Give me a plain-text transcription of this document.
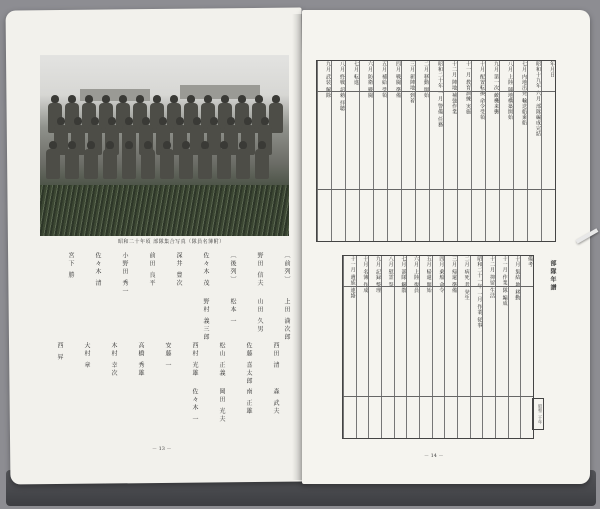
昭和二十年頃 部隊集合写真（隊員名簿附）
〔前列〕
西田 清
野田 信夫
佐藤 喜太郎
〔後列〕
松山 正義
佐々木 茂
西村 光雄
深井 豊次
安藤 一
前田 良平
高橋 秀雄
小野田 秀一
木村 幸次
佐々木 清
大村 章
宮下 勝
西 昇
上田 満次郎
森 武夫
山田 久男
南 正雄
松本 一
岡田 光夫
野村 義三郎
佐々木 一
－ 13 －
年月日
昭和十九年 六月 部隊編成完結
七月 内地出発 輸送船乗船
八月 上陸 陣地構築開始
九月 第一次 敵機来襲
十月 配置転換 命令受領
十一月 教育訓練 実施
十二月 陣地 補強作業
昭和二十年 一月 警備 任務
二月 移動 開始
三月 新陣地 到着
四月 戦闘 準備
五月 補給 受領
六月 防衛 戦闘
七月 転進
八月 終戦 詔勅 拝聴
九月 武装 解除
備考
十月 集結 地 移動
十一月 作業 隊 編成
十二月 抑留 生活
昭和二十一年 一月 作業 従事
二月 病死 者 発生
三月 帰還 準備
四月 乗船 命令
五月 帰還 開始
六月 上陸 復員
七月 部隊 解散
八月 慰霊 祭
九月 記録 整理
十月 名簿 作成
十一月 遺族 連絡	部隊年譜
昭和二十年
－ 14 －
